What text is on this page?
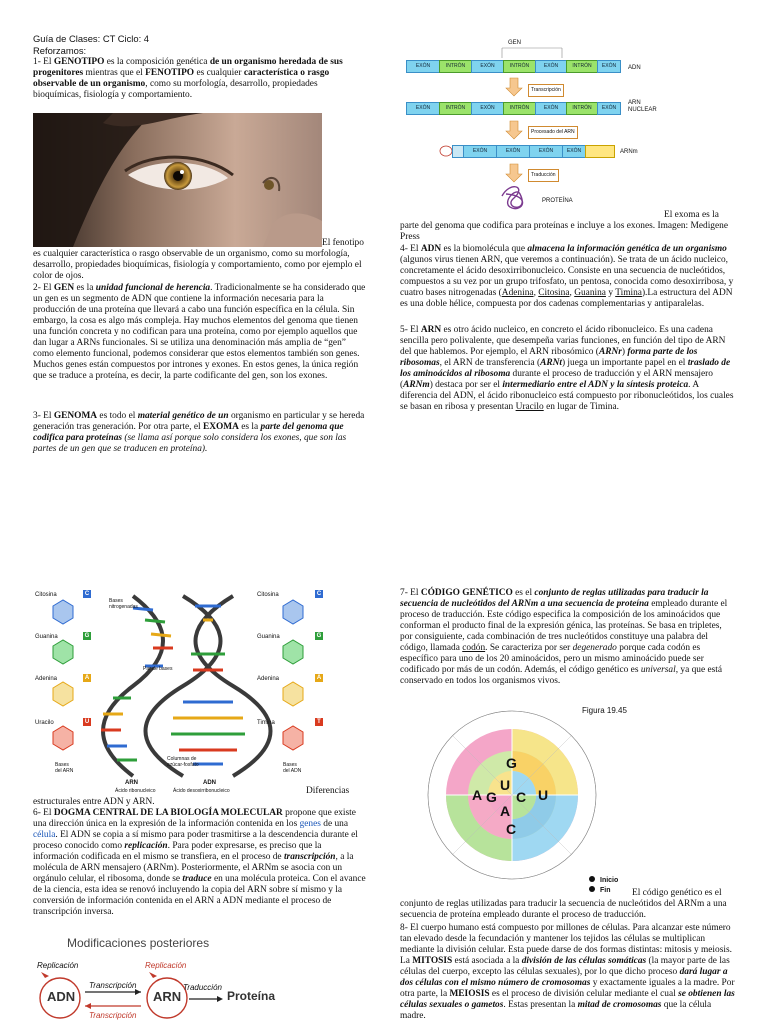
Guía de Clases: CT Ciclo: 4
Reforzamos:
1- El GENOTIPO es la composición genética de un organismo heredada de sus progenitores mientras que el FENOTIPO es cualquier característica o rasgo observable de un organismo, como su morfología, desarrollo, propiedades bioquímicas, fisiología y comportamiento.
El fenotipo
es cualquier característica o rasgo observable de un organismo, como su morfología, desarrollo, propiedades bioquímicas, fisiología y comportamiento, como por ejemplo el color de ojos.
2- El GEN es la unidad funcional de herencia. Tradicionalmente se ha considerado que un gen es un segmento de ADN que contiene la información necesaria para la producción de una proteína que llevará a cabo una función específica en la célula. Sin embargo, la cosa es algo más compleja. Hay muchos elementos del genoma que tienen una función concreta y no codifican para una proteína, como por ejemplo aquellos que dan lugar a ARNs funcionales. Si se utiliza una denominación más amplia de “gen” como elemento funcional, podemos considerar que estos elementos también son genes. Muchos genes están compuestos por intrones y exones. En estos genes, la única región que se traduce a proteína, es decir, la parte codificante del gen, son los exones.
3- El GENOMA es todo el material genético de un organismo en particular y se hereda generación tras generación. Por otra parte, el EXOMA es la parte del genoma que codifica para proteínas (se llama así porque solo considera los exones, que son las partes de un gen que se traducen en proteína).
GEN
EXÓN	INTRÓN	EXÓN	INTRÓN	EXÓN	INTRÓN	EXÓN	ADN
Transcripción
EXÓN	INTRÓN	EXÓN	INTRÓN	EXÓN	INTRÓN	EXÓN
ARN NUCLEAR
Procesado del ARN
EXÓN	EXÓN	EXÓN	EXÓN	ARNm
Traducción
PROTEÍNA
El exoma es la
parte del genoma que codifica para proteínas e incluye a los exones. Imagen: Medigene Press
4- El ADN es la biomolécula que almacena la información genética de un organismo (algunos virus tienen ARN, que veremos a continuación). Se trata de un ácido nucleico, concretamente el ácido desoxirribonucleico. Consiste en una secuencia de nucleótidos, compuestos a su vez por un grupo trifosfato, un pentosa, conocida como desoxirribosa, y cuatro bases nitrogenadas (Adenina, Citosina, Guanina y Timina).La estructura del ADN es una doble hélice, compuesta por dos cadenas complementarias y antiparalelas.
5- El ARN es otro ácido nucleico, en concreto el ácido ribonucleico. Es una cadena sencilla pero polivalente, que desempeña varias funciones, en función del tipo de ARN del que hablemos. Por ejemplo, el ARN ribosómico (ARNr) forma parte de los ribosomas, el ARN de transferencia (ARNt) juega un importante papel en el traslado de los aminoácidos al ribosoma durante el proceso de traducción y el ARN mensajero (ARNm) destaca por ser el intermediario entre el ADN y la síntesis proteica. A diferencia del ADN, el ácido ribonucleico está compuesto por ribonucleótidos, los cuales se basan en ribosa y presentan Uracilo en lugar de Timina.
Citosina
Guanina
Adenina
Uracilo
C
G
A
U
Citosina
Guanina
Adenina
Timina
C
G
A
T
Bases nitrogenadas
Par de bases
Columnas de azúcar-fosfato
ARN
Ácido ribonucleico
ADN
Ácido desoxirribonucleico
Bases del ARN
Bases del ADN
Diferencias
estructurales entre ADN y ARN.
6- El DOGMA CENTRAL DE LA BIOLOGÍA MOLECULAR propone que existe una dirección única en la expresión de la información contenida en los genes de una célula. El ADN se copia a sí mismo para poder trasmitirse a la descendencia durante el proceso conocido como replicación. Para poder expresarse, es preciso que la información codificada en el mismo se transfiera, en el proceso de transcripción, a la molécula de ARN mensajero (ARNm). Posteriormente, el ARNm se asocia con un orgánulo celular, el ribosoma, donde se traduce en una molécula proteica. Con el avance de la ciencia, esta idea se renovó incluyendo la copia del ARN sobre sí mismo y la conversión de información contenida en el ARN a ADN mediante el proceso de transcripción inversa.
Modificaciones posteriores
Replicación	Replicación
ADN	ARN	Proteína
Transcripción	Traducción
Transcripción
7- El CÓDIGO GENÉTICO es el conjunto de reglas utilizadas para traducir la secuencia de nucleótidos del ARNm a una secuencia de proteína empleado durante el proceso de traducción. Este código especifica la composición de los aminoácidos que conforman el producto final de la expresión génica, las proteínas. Se basa en tripletes, por consiguiente, cada combinación de tres nucleótidos constituye una palabra del código, llamada codón. Se caracteriza por ser degenerado porque cada codón es específico para uno de los 20 aminoácidos, pero un mismo aminoácido puede ser codificado por más de un codón. Además, el código genético es universal, ya que está conservado en todos los organismos vivos.
Figura 19.45
U
C
A
G
G
U
C
A
Inicio
Fin El código genético es el
conjunto de reglas utilizadas para traducir la secuencia de nucleótidos del ARNm a una secuencia de proteína empleado durante el proceso de traducción.
8- El cuerpo humano está compuesto por millones de células. Para alcanzar este número tan elevado desde la fecundación y mantener los tejidos las células se multiplican mediante la división celular. Esta puede darse de dos formas distintas: mitosis y meiosis. La MITOSIS está asociada a la división de las células somáticas (la mayor parte de las células del cuerpo, excepto las células sexuales), por lo que dicho proceso dará lugar a dos células con el mismo número de cromosomas y exactamente iguales a la madre. Por otra parte, la MEIOSIS es el proceso de división celular mediante el cual se obtienen las células sexuales o gametos. Estas presentan la mitad de cromosomas que la célula madre.
